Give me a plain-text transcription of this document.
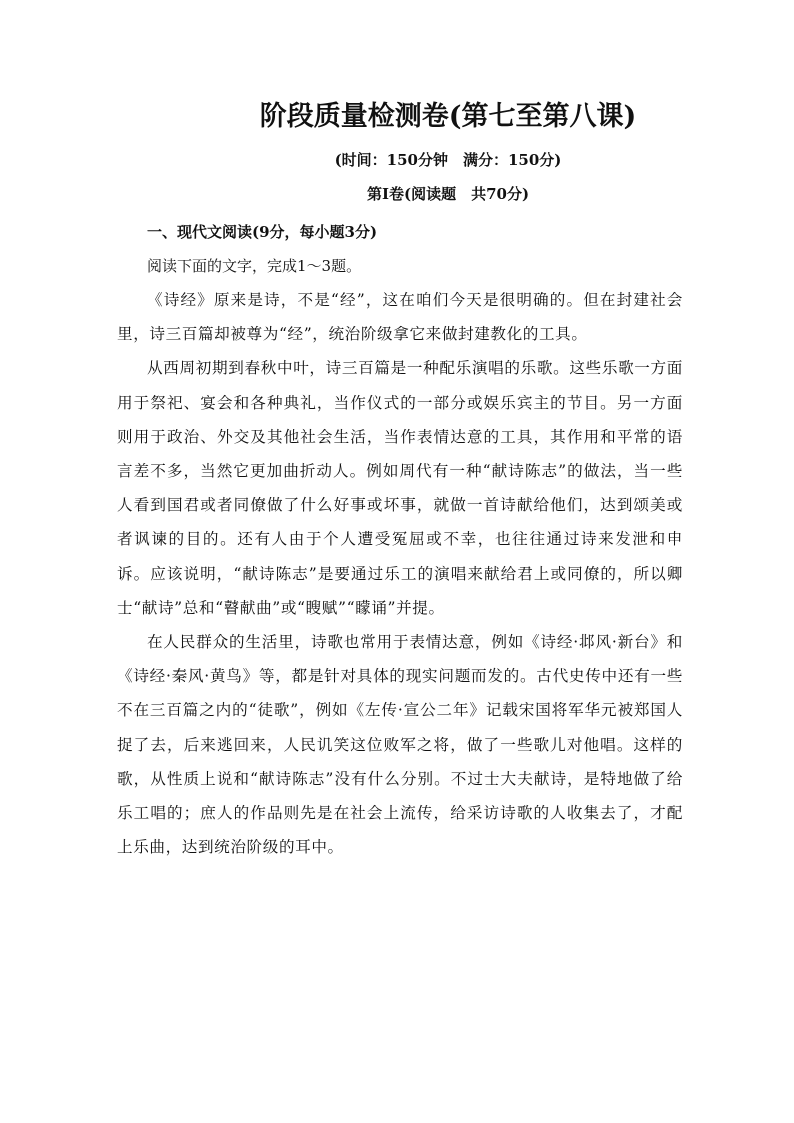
阶段质量检测卷(第七至第八课)

(时间：150分钟　满分：150分)

第Ⅰ卷(阅读题　共70分)

一、现代文阅读(9分，每小题3分)

阅读下面的文字，完成1～3题。

《诗经》原来是诗，不是“经”，这在咱们今天是很明确的。但在封建社会里，诗三百篇却被尊为“经”，统治阶级拿它来做封建教化的工具。

从西周初期到春秋中叶，诗三百篇是一种配乐演唱的乐歌。这些乐歌一方面用于祭祀、宴会和各种典礼，当作仪式的一部分或娱乐宾主的节目。另一方面则用于政治、外交及其他社会生活，当作表情达意的工具，其作用和平常的语言差不多，当然它更加曲折动人。例如周代有一种“献诗陈志”的做法，当一些人看到国君或者同僚做了什么好事或坏事，就做一首诗献给他们，达到颂美或者讽谏的目的。还有人由于个人遭受冤屈或不幸，也往往通过诗来发泄和申诉。应该说明，“献诗陈志”是要通过乐工的演唱来献给君上或同僚的，所以卿士“献诗”总和“瞽献曲”或“瞍赋”“矇诵”并提。

在人民群众的生活里，诗歌也常用于表情达意，例如《诗经·邶风·新台》和《诗经·秦风·黄鸟》等，都是针对具体的现实问题而发的。古代史传中还有一些不在三百篇之内的“徒歌”，例如《左传·宣公二年》记载宋国将军华元被郑国人捉了去，后来逃回来，人民讥笑这位败军之将，做了一些歌儿对他唱。这样的歌，从性质上说和“献诗陈志”没有什么分别。不过士大夫献诗，是特地做了给乐工唱的；庶人的作品则先是在社会上流传，给采访诗歌的人收集去了，才配上乐曲，达到统治阶级的耳中。
